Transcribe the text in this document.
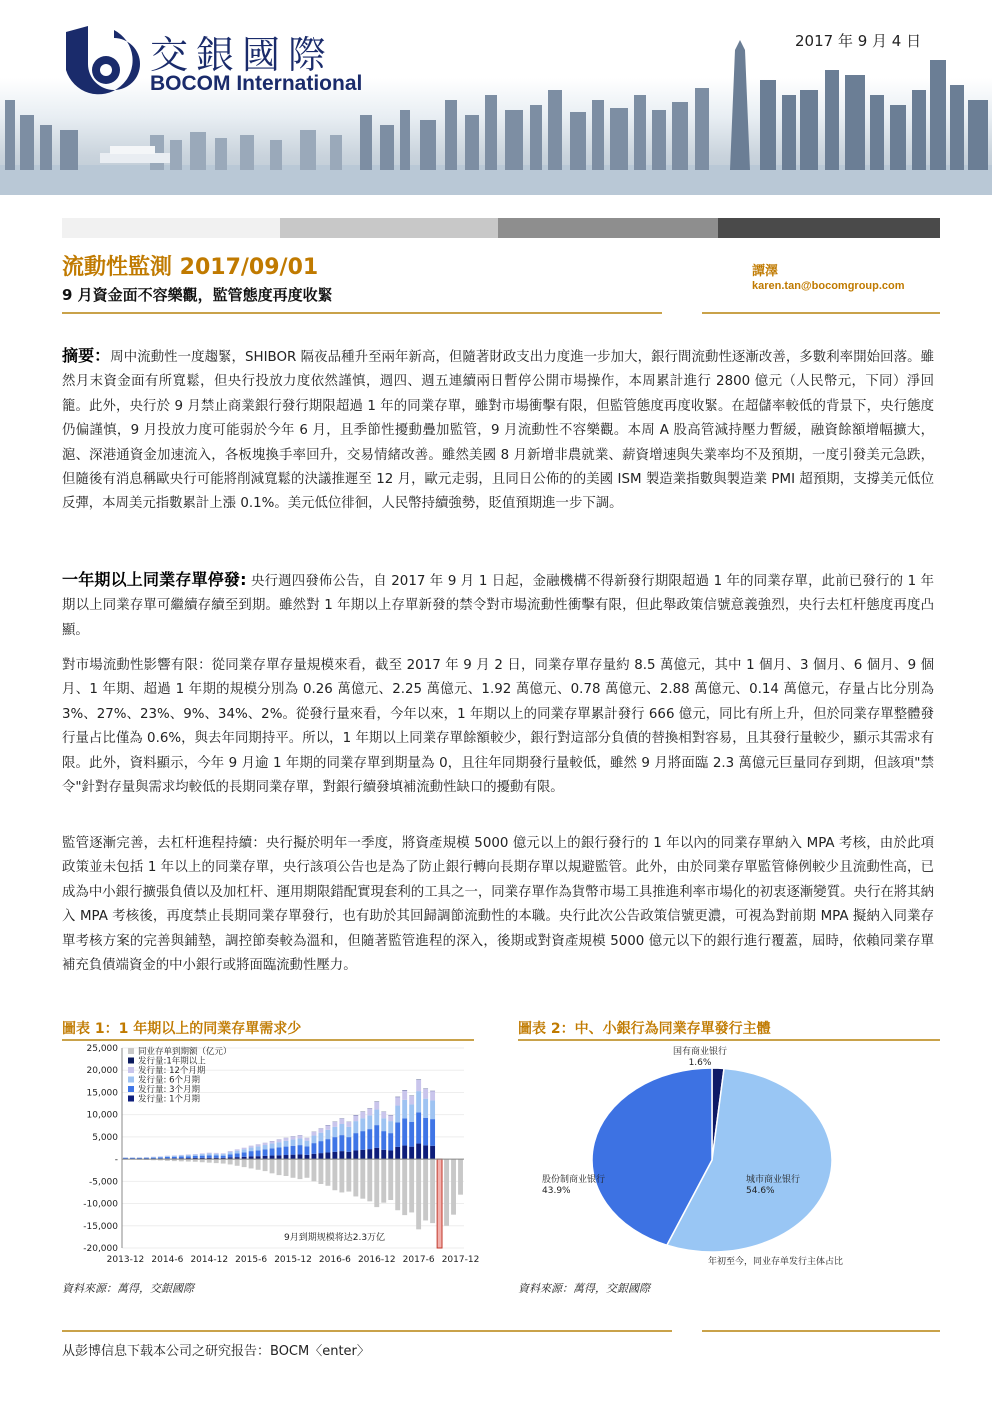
交銀國際
BOCOM International
2017 年 9 月 4 日
流動性監測 2017/09/01
9 月資金面不容樂觀，監管態度再度收緊
譚澤
karen.tan@bocomgroup.com
摘要：周中流動性一度趨緊，SHIBOR 隔夜品種升至兩年新高，但隨著財政支出力度進一步加大，銀行間流動性逐漸改善，多數利率開始回落。雖然月末資金面有所寬鬆，但央行投放力度依然謹慎，週四、週五連續兩日暫停公開市場操作，本周累計進行 2800 億元（人民幣元，下同）淨回籠。此外，央行於 9 月禁止商業銀行發行期限超過 1 年的同業存單，雖對市場衝擊有限，但監管態度再度收緊。在超儲率較低的背景下，央行態度仍偏謹慎，9 月投放力度可能弱於今年 6 月，且季節性擾動疊加監管，9 月流動性不容樂觀。本周 A 股高管減持壓力暫緩，融資餘額增幅擴大，滬、深港通資金加速流入，各板塊換手率回升，交易情緒改善。雖然美國 8 月新增非農就業、薪資增速與失業率均不及預期，一度引發美元急跌，但隨後有消息稱歐央行可能將削減寬鬆的決議推遲至 12 月，歐元走弱，且同日公佈的的美國 ISM 製造業指數與製造業 PMI 超預期，支撐美元低位反彈，本周美元指數累計上漲 0.1%。美元低位徘徊，人民幣持續強勢，貶值預期進一步下調。
一年期以上同業存單停發: 央行週四發佈公告，自 2017 年 9 月 1 日起，金融機構不得新發行期限超過 1 年的同業存單，此前已發行的 1 年期以上同業存單可繼續存續至到期。雖然對 1 年期以上存單新發的禁令對市場流動性衝擊有限，但此舉政策信號意義強烈，央行去杠杆態度再度凸顯。
對市場流動性影響有限：從同業存單存量規模來看，截至 2017 年 9 月 2 日，同業存單存量約 8.5 萬億元，其中 1 個月、3 個月、6 個月、9 個月、1 年期、超過 1 年期的規模分別為 0.26 萬億元、2.25 萬億元、1.92 萬億元、0.78 萬億元、2.88 萬億元、0.14 萬億元，存量占比分別為 3%、27%、23%、9%、34%、2%。從發行量來看，今年以來，1 年期以上的同業存單累計發行 666 億元，同比有所上升，但於同業存單整體發行量占比僅為 0.6%，與去年同期持平。所以，1 年期以上同業存單餘額較少，銀行對這部分負債的替換相對容易，且其發行量較少，顯示其需求有限。此外，資料顯示，今年 9 月逾 1 年期的同業存單到期量為 0，且往年同期發行量較低，雖然 9 月將面臨 2.3 萬億元巨量同存到期，但該項"禁令"針對存量與需求均較低的長期同業存單，對銀行續發填補流動性缺口的擾動有限。
監管逐漸完善，去杠杆進程持續：央行擬於明年一季度，將資產規模 5000 億元以上的銀行發行的 1 年以內的同業存單納入 MPA 考核，由於此項政策並未包括 1 年以上的同業存單，央行該項公告也是為了防止銀行轉向長期存單以規避監管。此外，由於同業存單監管條例較少且流動性高，已成為中小銀行擴張負債以及加杠杆、運用期限錯配實現套利的工具之一，同業存單作為貨幣市場工具推進利率市場化的初衷逐漸變質。央行在將其納入 MPA 考核後，再度禁止長期同業存單發行，也有助於其回歸調節流動性的本職。央行此次公告政策信號更濃，可視為對前期 MPA 擬納入同業存單考核方案的完善與鋪墊，調控節奏較為溫和，但隨著監管進程的深入，後期或對資產規模 5000 億元以下的銀行進行覆蓋，屆時，依賴同業存單補充負債端資金的中小銀行或將面臨流動性壓力。
圖表 1：1 年期以上的同業存單需求少
25,000
20,000
15,000
10,000
5,000
-
-5,000
-10,000
-15,000
-20,000
2013-12 2014-6 2014-12 2015-6 2015-12 2016-6 2016-12 2017-6 2017-12
同业存单到期额（亿元）
发行量:1年期以上
发行量: 12个月期
发行量: 6个月期
发行量: 3个月期
发行量: 1个月期
9月到期规模将达2.3万亿
資料來源：萬得，交銀國際
圖表 2：中、小銀行為同業存單發行主體
国有商业银行
1.6%
城市商业银行
54.6%
股份制商业银行
43.9%
年初至今，同业存单发行主体占比
資料來源：萬得，交銀國際
从彭博信息下载本公司之研究报告：BOCM〈enter〉
